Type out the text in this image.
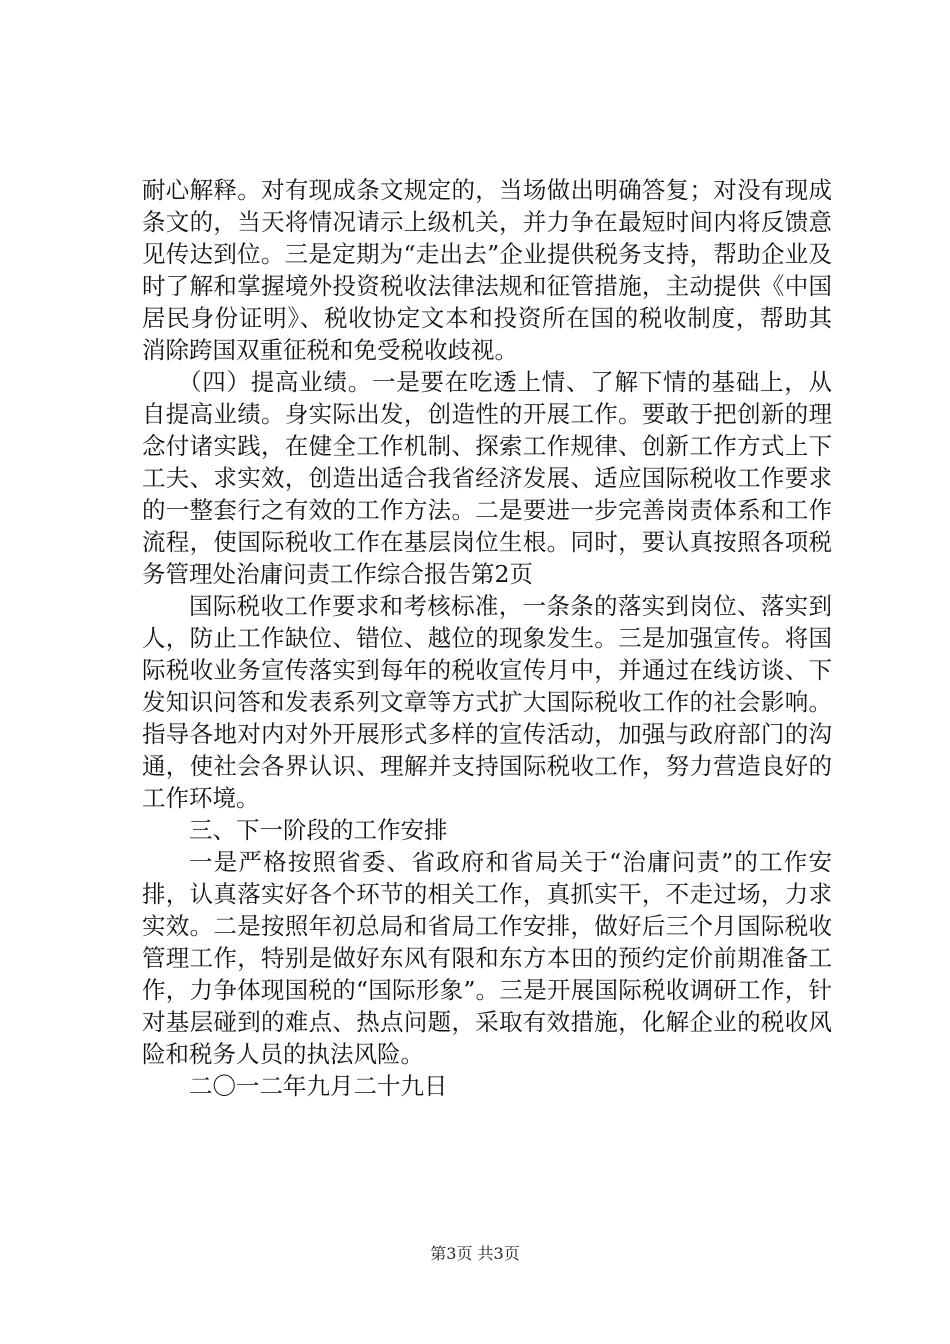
耐心解释。对有现成条文规定的，当场做出明确答复；对没有现成条文的，当天将情况请示上级机关，并力争在最短时间内将反馈意见传达到位。三是定期为“走出去”企业提供税务支持，帮助企业及时了解和掌握境外投资税收法律法规和征管措施，主动提供《中国居民身份证明》、税收协定文本和投资所在国的税收制度，帮助其消除跨国双重征税和免受税收歧视。

（四）提高业绩。一是要在吃透上情、了解下情的基础上，从自提高业绩。身实际出发，创造性的开展工作。要敢于把创新的理念付诸实践，在健全工作机制、探索工作规律、创新工作方式上下工夫、求实效，创造出适合我省经济发展、适应国际税收工作要求的一整套行之有效的工作方法。二是要进一步完善岗责体系和工作流程，使国际税收工作在基层岗位生根。同时，要认真按照各项税务管理处治庸问责工作综合报告第2页

国际税收工作要求和考核标准，一条条的落实到岗位、落实到人，防止工作缺位、错位、越位的现象发生。三是加强宣传。将国际税收业务宣传落实到每年的税收宣传月中，并通过在线访谈、下发知识问答和发表系列文章等方式扩大国际税收工作的社会影响。指导各地对内对外开展形式多样的宣传活动，加强与政府部门的沟通，使社会各界认识、理解并支持国际税收工作，努力营造良好的工作环境。

三、下一阶段的工作安排

一是严格按照省委、省政府和省局关于“治庸问责”的工作安排，认真落实好各个环节的相关工作，真抓实干，不走过场，力求实效。二是按照年初总局和省局工作安排，做好后三个月国际税收管理工作，特别是做好东风有限和东方本田的预约定价前期准备工作，力争体现国税的“国际形象”。三是开展国际税收调研工作，针对基层碰到的难点、热点问题，采取有效措施，化解企业的税收风险和税务人员的执法风险。

二〇一二年九月二十九日

第3页 共3页
